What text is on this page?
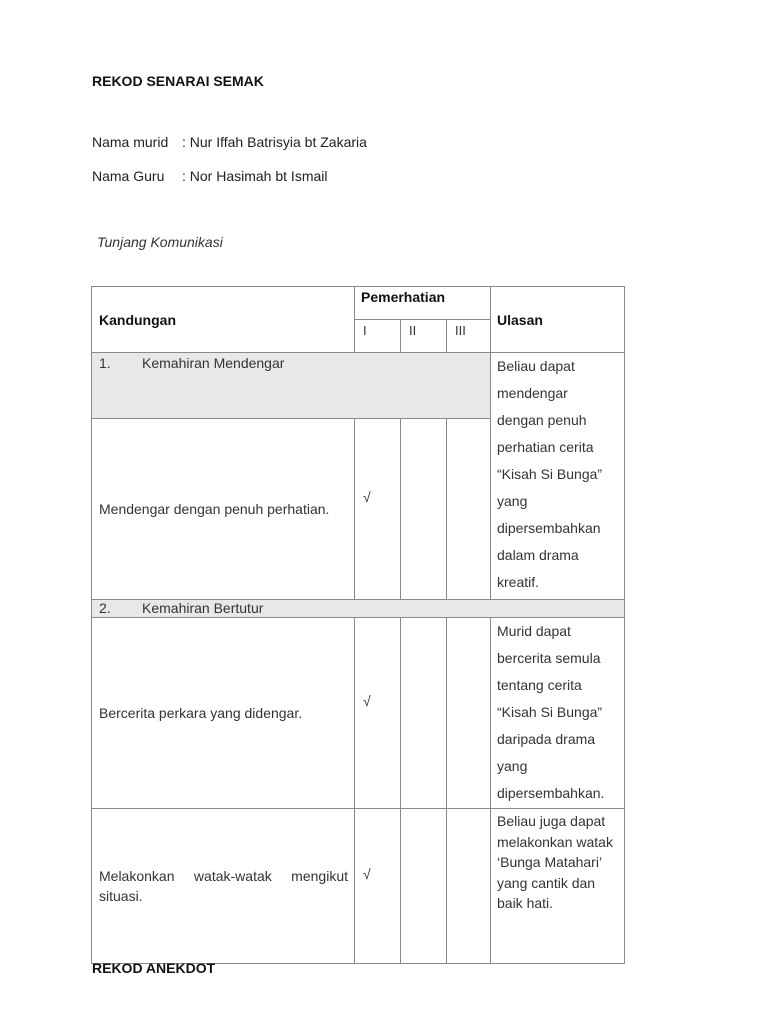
REKOD SENARAI SEMAK
Nama murid : Nur Iffah Batrisyia bt Zakaria
Nama Guru : Nor Hasimah bt Ismail
Tunjang Komunikasi
Kandungan	Pemerhatian			Ulasan
	I	II	III	
1. Kemahiran Mendengar				Beliau dapat mendengar dengan penuh perhatian cerita “Kisah Si Bunga” yang dipersembahkan dalam drama kreatif.
Mendengar dengan penuh perhatian.	√			
2. Kemahiran Bertutur				
Bercerita perkara yang didengar.	√			Murid dapat bercerita semula tentang cerita “Kisah Si Bunga” daripada drama yang dipersembahkan.
Melakonkan watak-watak mengikut situasi.	√			Beliau juga dapat melakonkan watak ‘Bunga Matahari’ yang cantik dan baik hati.
REKOD ANEKDOT
